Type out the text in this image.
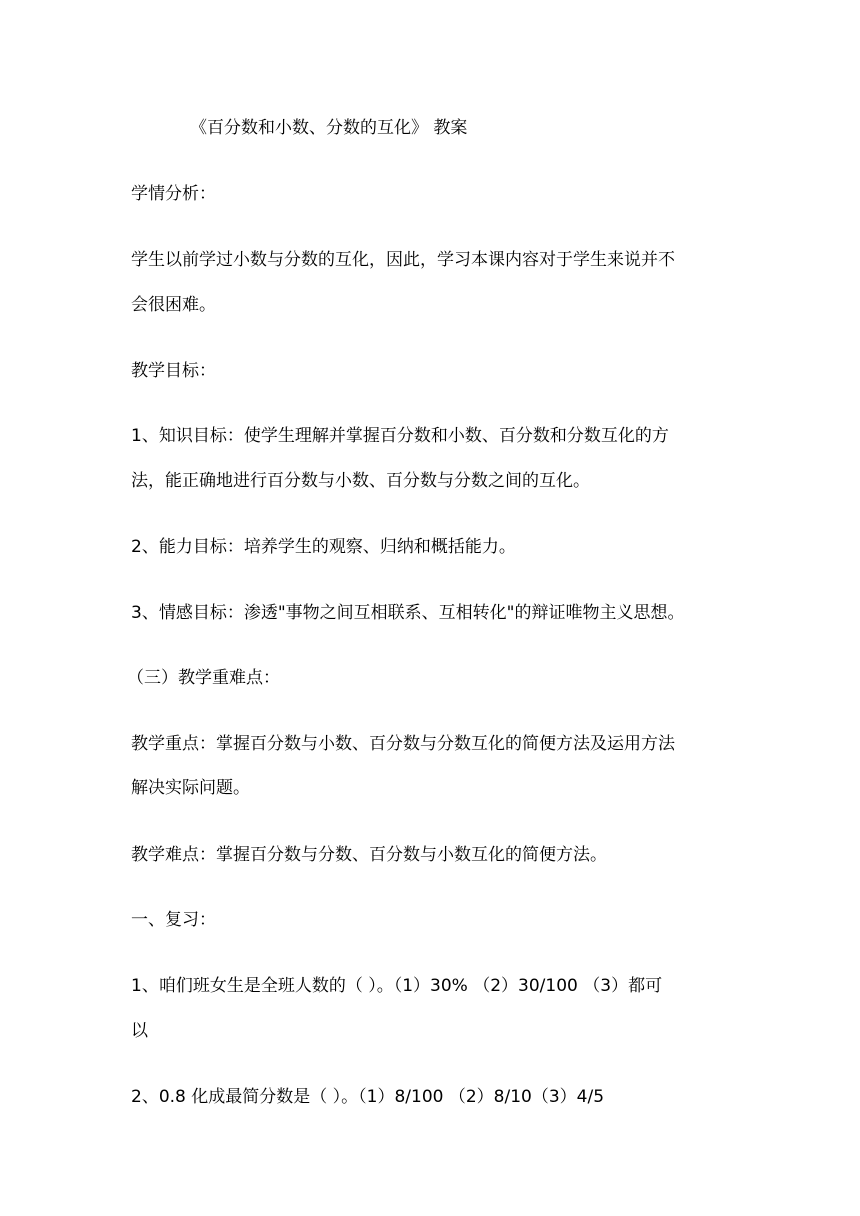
《百分数和小数、分数的互化》 教案
学情分析：
学生以前学过小数与分数的互化，因此，学习本课内容对于学生来说并不
会很困难。
教学目标：
1、知识目标：使学生理解并掌握百分数和小数、百分数和分数互化的方
法，能正确地进行百分数与小数、百分数与分数之间的互化。
2、能力目标：培养学生的观察、归纳和概括能力。
3、情感目标：渗透"事物之间互相联系、互相转化"的辩证唯物主义思想。
（三）教学重难点：
教学重点：掌握百分数与小数、百分数与分数互化的简便方法及运用方法
解决实际问题。
教学难点：掌握百分数与分数、百分数与小数互化的简便方法。
一、复习：
1、咱们班女生是全班人数的（ ）。（1）30% （2）30/100 （3）都可
以
2、0.8 化成最简分数是（ ）。（1）8/100 （2）8/10（3）4/5
